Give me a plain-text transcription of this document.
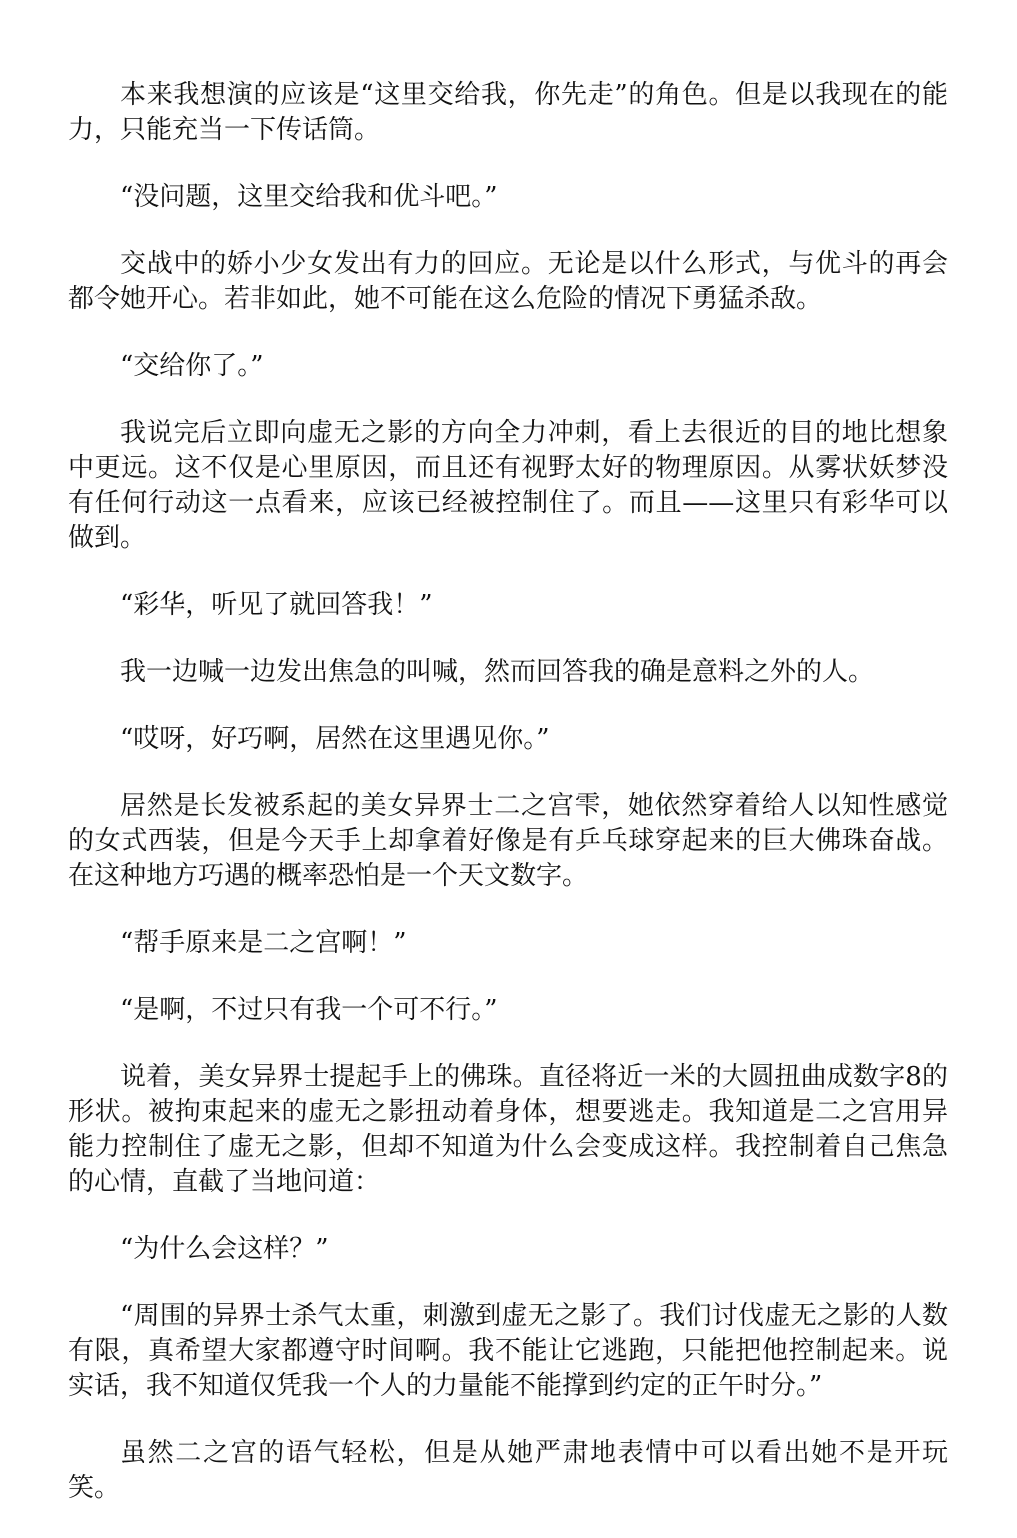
本来我想演的应该是“这里交给我，你先走”的角色。但是以我现在的能力，只能充当一下传话筒。

“没问题，这里交给我和优斗吧。”

交战中的娇小少女发出有力的回应。无论是以什么形式，与优斗的再会都令她开心。若非如此，她不可能在这么危险的情况下勇猛杀敌。

“交给你了。”

我说完后立即向虚无之影的方向全力冲刺，看上去很近的目的地比想象中更远。这不仅是心里原因，而且还有视野太好的物理原因。从雾状妖梦没有任何行动这一点看来，应该已经被控制住了。而且——这里只有彩华可以做到。

“彩华，听见了就回答我！”

我一边喊一边发出焦急的叫喊，然而回答我的确是意料之外的人。

“哎呀，好巧啊，居然在这里遇见你。”

居然是长发被系起的美女异界士二之宫雫，她依然穿着给人以知性感觉的女式西装，但是今天手上却拿着好像是有乒乓球穿起来的巨大佛珠奋战。在这种地方巧遇的概率恐怕是一个天文数字。

“帮手原来是二之宫啊！”

“是啊，不过只有我一个可不行。”

说着，美女异界士提起手上的佛珠。直径将近一米的大圆扭曲成数字8的形状。被拘束起来的虚无之影扭动着身体，想要逃走。我知道是二之宫用异能力控制住了虚无之影，但却不知道为什么会变成这样。我控制着自己焦急的心情，直截了当地问道：

“为什么会这样？”

“周围的异界士杀气太重，刺激到虚无之影了。我们讨伐虚无之影的人数有限，真希望大家都遵守时间啊。我不能让它逃跑，只能把他控制起来。说实话，我不知道仅凭我一个人的力量能不能撑到约定的正午时分。”

虽然二之宫的语气轻松，但是从她严肃地表情中可以看出她不是开玩笑。
